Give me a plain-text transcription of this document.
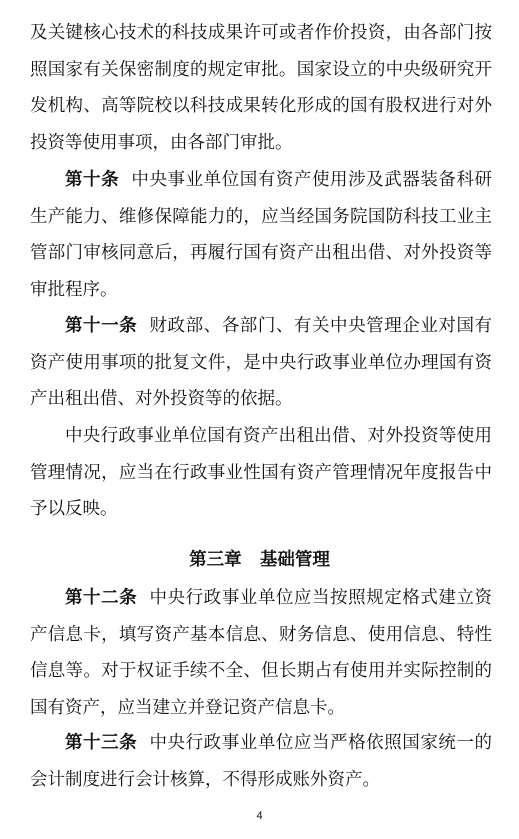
及关键核心技术的科技成果许可或者作价投资，由各部门按照国家有关保密制度的规定审批。国家设立的中央级研究开发机构、高等院校以科技成果转化形成的国有股权进行对外投资等使用事项，由各部门审批。

第十条 中央事业单位国有资产使用涉及武器装备科研生产能力、维修保障能力的，应当经国务院国防科技工业主管部门审核同意后，再履行国有资产出租出借、对外投资等审批程序。

第十一条 财政部、各部门、有关中央管理企业对国有资产使用事项的批复文件，是中央行政事业单位办理国有资产出租出借、对外投资等的依据。

中央行政事业单位国有资产出租出借、对外投资等使用管理情况，应当在行政事业性国有资产管理情况年度报告中予以反映。

第三章 基础管理

第十二条 中央行政事业单位应当按照规定格式建立资产信息卡，填写资产基本信息、财务信息、使用信息、特性信息等。对于权证手续不全、但长期占有使用并实际控制的国有资产，应当建立并登记资产信息卡。

第十三条 中央行政事业单位应当严格依照国家统一的会计制度进行会计核算，不得形成账外资产。

4
